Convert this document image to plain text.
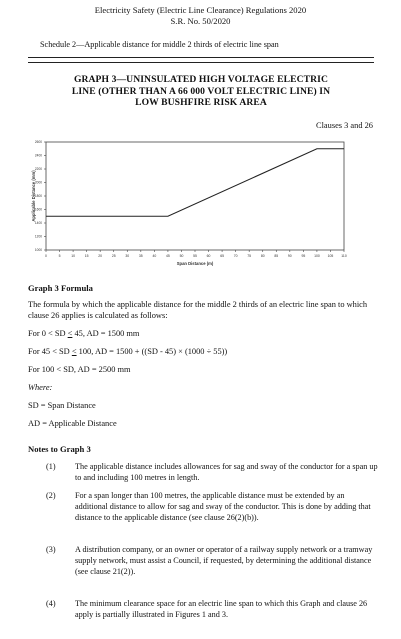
Electricity Safety (Electric Line Clearance) Regulations 2020
S.R. No. 50/2020
Schedule 2—Applicable distance for middle 2 thirds of electric line span
GRAPH 3—UNINSULATED HIGH VOLTAGE ELECTRIC
LINE (OTHER THAN A 66 000 VOLT ELECTRIC LINE) IN
LOW BUSHFIRE RISK AREA
Clauses 3 and 26
1000
1200
1400
1600
1800
2000
2200
2400
2600
0	5	10	15	20	25	30	35	40	45	50	55	60	65	70	75	80	85	90	95	100 105 110
Span Distance (m)
Applicable Distance (mm)
Graph 3 Formula
The formula by which the applicable distance for the middle 2 thirds of an electric line span to which clause 26 applies is calculated as follows:
For 0 < SD < 45, AD = 1500 mm
For 45 < SD < 100, AD = 1500 + ((SD - 45) × (1000 ÷ 55))
For 100 < SD, AD = 2500 mm
Where:
SD = Span Distance
AD = Applicable Distance
Notes to Graph 3
(1) The applicable distance includes allowances for sag and sway of the conductor for a span up to and including 100 metres in length.
(2) For a span longer than 100 metres, the applicable distance must be extended by an additional distance to allow for sag and sway of the conductor. This is done by adding that distance to the applicable distance (see clause 26(2)(b)).
(3) A distribution company, or an owner or operator of a railway supply network or a tramway supply network, must assist a Council, if requested, by determining the additional distance (see clause 21(2)).
(4) The minimum clearance space for an electric line span to which this Graph and clause 26 apply is partially illustrated in Figures 1 and 3.
